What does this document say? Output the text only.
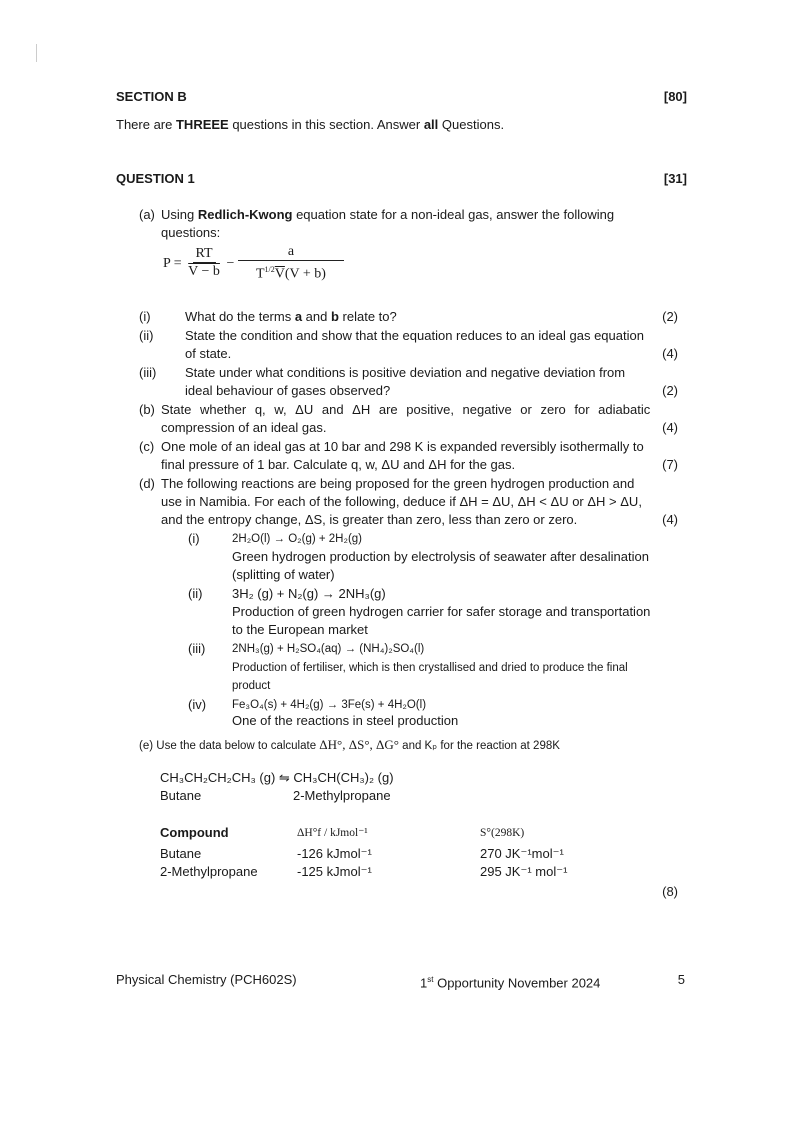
SECTION B	[80]
There are THREEE questions in this section. Answer all Questions.
QUESTION 1	[31]
(a) Using Redlich-Kwong equation state for a non-ideal gas, answer the following
questions:
$P = \frac{RT}{V - b} - \frac{a}{T^{1/2}\overline{V}(V + b)}$
(i)	What do the terms a and b relate to?	(2)
(ii) State the condition and show that the equation reduces to an ideal gas equation
of state.	(4)
(iii) State under what conditions is positive deviation and negative deviation from
ideal behaviour of gases observed?	(2)
(b) State whether q, w, ΔU and ΔH are positive, negative or zero for adiabatic
compression of an ideal gas.	(4)
(c) One mole of an ideal gas at 10 bar and 298 K is expanded reversibly isothermally to
final pressure of 1 bar. Calculate q, w, ΔU and ΔH for the gas.	(7)
(d) The following reactions are being proposed for the green hydrogen production and
use in Namibia. For each of the following, deduce if ΔH = ΔU, ΔH < ΔU or ΔH > ΔU,
and the entropy change, ΔS, is greater than zero, less than zero or zero.	(4)
(i)	2H₂O(l) → O₂(g) + 2H₂(g)
Green hydrogen production by electrolysis of seawater after desalination
(splitting of water)
(ii) 3H₂ (g) + N₂(g) → 2NH₃(g)
Production of green hydrogen carrier for safer storage and transportation
to the European market
(iii) 2NH₃(g) + H₂SO₄(aq) → (NH₄)₂SO₄(l)
Production of fertiliser, which is then crystallised and dried to produce the final
product
(iv) Fe₃O₄(s) + 4H₂(g) → 3Fe(s) + 4H₂O(l)
One of the reactions in steel production
(e) Use the data below to calculate ΔH°, ΔS°, ΔG° and Kₚ for the reaction at 298K
CH₃CH₂CH₂CH₃ (g) ⇋ CH₃CH(CH₃)₂ (g)
Butane	2-Methylpropane
Compound	ΔH°f / kJmol⁻¹	S°(298K)
Butane	-126 kJmol⁻¹	270 JK⁻¹mol⁻¹
2-Methylpropane	-125 kJmol⁻¹	295 JK⁻¹ mol⁻¹
(8)
Physical Chemistry (PCH602S)	1st Opportunity November 2024	5
